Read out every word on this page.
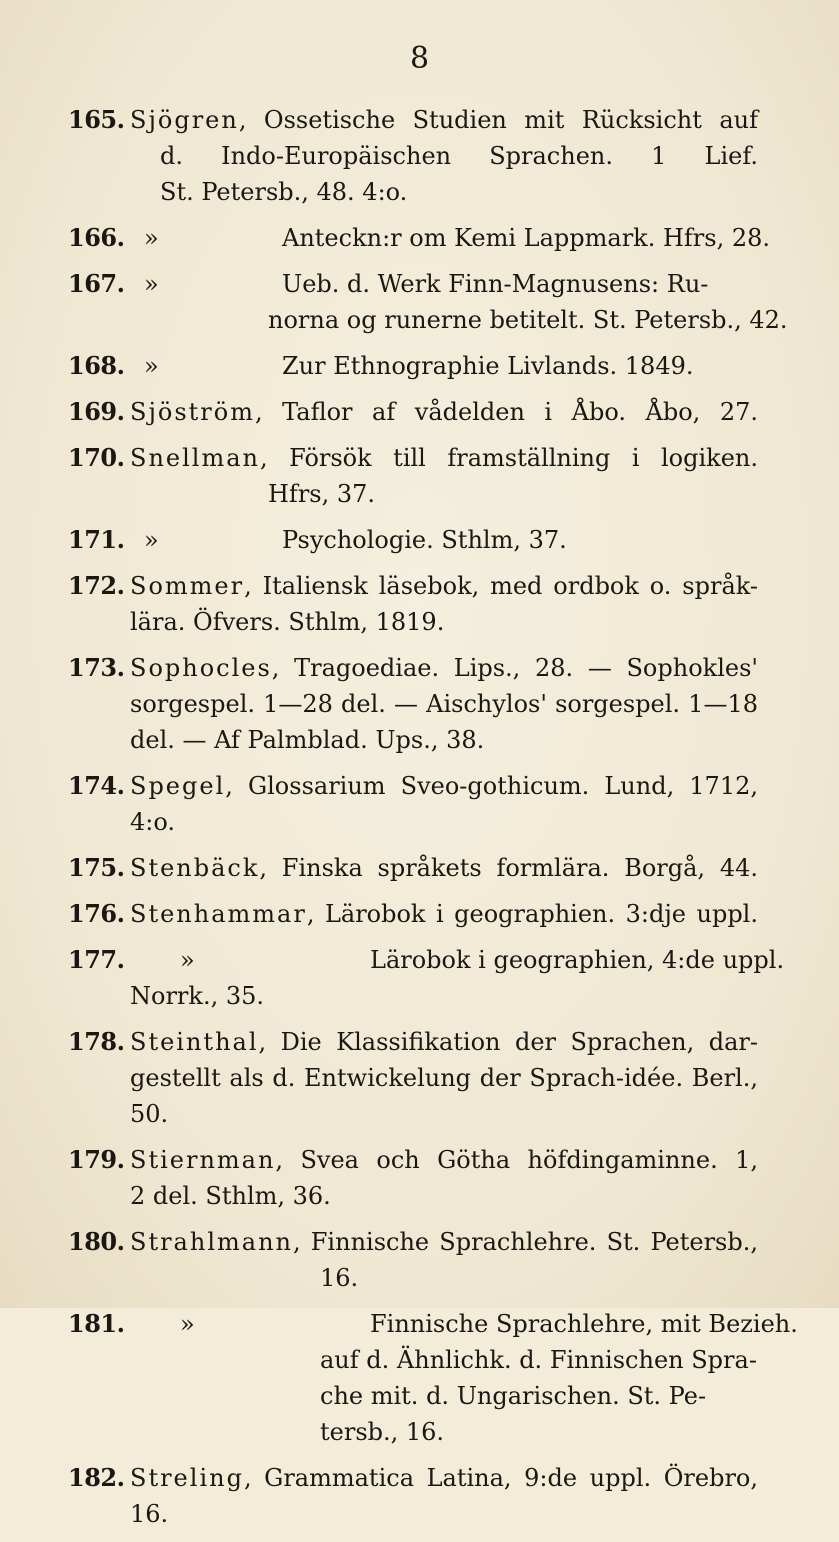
8
165. Sjögren, Ossetische Studien mit Rücksicht auf
d. Indo-Europäischen Sprachen. 1 Lief.
St. Petersb., 48. 4:o.
166. »	Anteckn:r om Kemi Lappmark. Hfrs, 28.
167. »	Ueb. d. Werk Finn-Magnusens: Ru-
norna og runerne betitelt. St. Petersb., 42.
168. »	Zur Ethnographie Livlands. 1849.
169. Sjöström, Taflor af vådelden i Åbo. Åbo, 27.
170. Snellman, Försök till framställning i logiken.
Hfrs, 37.
171. »	Psychologie. Sthlm, 37.
172. Sommer, Italiensk läsebok, med ordbok o. språk-
lära. Öfvers. Sthlm, 1819.
173. Sophocles, Tragoediae. Lips., 28. — Sophokles'
sorgespel. 1—28 del. — Aischylos' sorgespel. 1—18
del. — Af Palmblad. Ups., 38.
174. Spegel, Glossarium Sveo-gothicum. Lund, 1712, 4:o.
175. Stenbäck, Finska språkets formlära. Borgå, 44.
176. Stenhammar, Lärobok i geographien. 3:dje uppl.
177.	»	Lärobok i geographien, 4:de uppl.
Norrk., 35.
178. Steinthal, Die Klassifikation der Sprachen, dar-
gestellt als d. Entwickelung der Sprach-idée. Berl.,
50.
179. Stiernman, Svea och Götha höfdingaminne. 1,
2 del. Sthlm, 36.
180. Strahlmann, Finnische Sprachlehre. St. Petersb.,
16.
181.	»	Finnische Sprachlehre, mit Bezieh.
auf d. Ähnlichk. d. Finnischen Spra-
che mit. d. Ungarischen. St. Pe-
tersb., 16.
182. Streling, Grammatica Latina, 9:de uppl. Örebro, 16.
